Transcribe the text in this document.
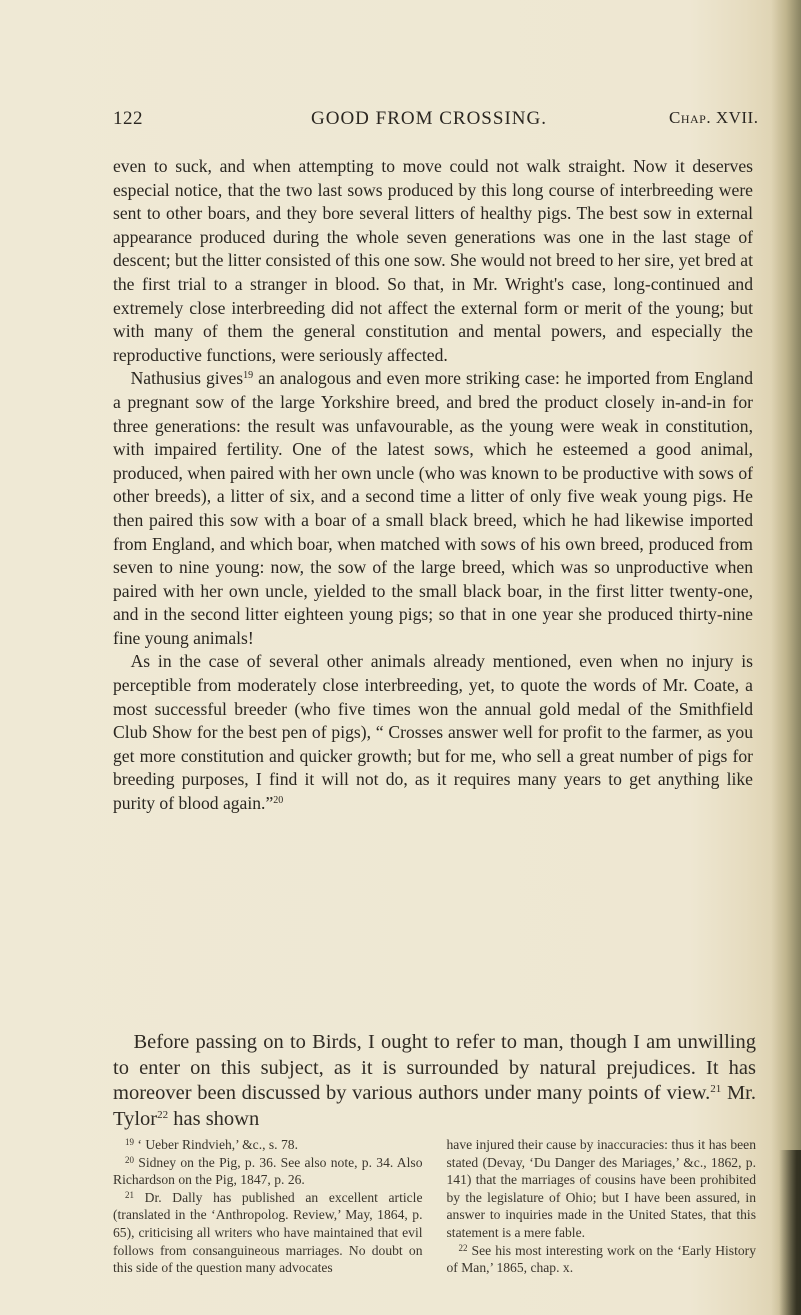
122	GOOD FROM CROSSING.	Chap. XVII.

even to suck, and when attempting to move could not walk straight. Now it deserves especial notice, that the two last sows produced by this long course of interbreeding were sent to other boars, and they bore several litters of healthy pigs. The best sow in external appearance produced during the whole seven generations was one in the last stage of descent; but the litter consisted of this one sow. She would not breed to her sire, yet bred at the first trial to a stranger in blood. So that, in Mr. Wright's case, long-continued and extremely close interbreeding did not affect the external form or merit of the young; but with many of them the general constitution and mental powers, and especially the reproductive functions, were seriously affected.

 Nathusius gives$^{19}$ an analogous and even more striking case: he imported from England a pregnant sow of the large Yorkshire breed, and bred the product closely in-and-in for three generations: the result was unfavourable, as the young were weak in constitution, with impaired fertility. One of the latest sows, which he esteemed a good animal, produced, when paired with her own uncle (who was known to be productive with sows of other breeds), a litter of six, and a second time a litter of only five weak young pigs. He then paired this sow with a boar of a small black breed, which he had likewise imported from England, and which boar, when matched with sows of his own breed, produced from seven to nine young: now, the sow of the large breed, which was so unproductive when paired with her own uncle, yielded to the small black boar, in the first litter twenty-one, and in the second litter eighteen young pigs; so that in one year she produced thirty-nine fine young animals!

 As in the case of several other animals already mentioned, even when no injury is perceptible from moderately close interbreeding, yet, to quote the words of Mr. Coate, a most successful breeder (who five times won the annual gold medal of the Smithfield Club Show for the best pen of pigs), “ Crosses answer well for profit to the farmer, as you get more constitution and quicker growth; but for me, who sell a great number of pigs for breeding purposes, I find it will not do, as it requires many years to get anything like purity of blood again.”$^{20}$

 Before passing on to Birds, I ought to refer to man, though I am unwilling to enter on this subject, as it is surrounded by natural prejudices. It has moreover been discussed by various authors under many points of view.$^{21}$ Mr. Tylor$^{22}$ has shown

$^{19}$ ‘ Ueber Rindvieh,’ &c., s. 78.

$^{20}$ Sidney on the Pig, p. 36. See also note, p. 34. Also Richardson on the Pig, 1847, p. 26.

$^{21}$ Dr. Dally has published an excellent article (translated in the ‘Anthropolog. Review,’ May, 1864, p. 65), criticising all writers who have maintained that evil follows from consanguineous marriages. No doubt on this side of the question many advocates

have injured their cause by inaccuracies: thus it has been stated (Devay, ‘Du Danger des Mariages,’ &c., 1862, p. 141) that the marriages of cousins have been prohibited by the legislature of Ohio; but I have been assured, in answer to inquiries made in the United States, that this statement is a mere fable.

$^{22}$ See his most interesting work on the ‘Early History of Man,’ 1865, chap. x.
